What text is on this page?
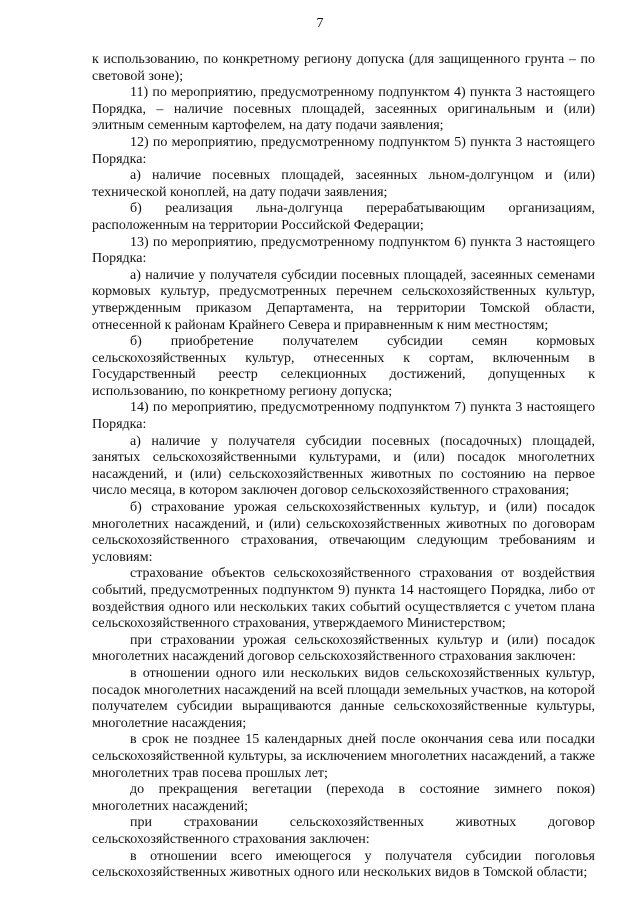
7

к использованию, по конкретному региону допуска (для защищенного грунта – по световой зоне);

11) по мероприятию, предусмотренному подпунктом 4) пункта 3 настоящего Порядка, – наличие посевных площадей, засеянных оригинальным и (или) элитным семенным картофелем, на дату подачи заявления;

12) по мероприятию, предусмотренному подпунктом 5) пункта 3 настоящего Порядка:

а) наличие посевных площадей, засеянных льном-долгунцом и (или) технической коноплей, на дату подачи заявления;

б) реализация льна-долгунца перерабатывающим организациям, расположенным на территории Российской Федерации;

13) по мероприятию, предусмотренному подпунктом 6) пункта 3 настоящего Порядка:

а) наличие у получателя субсидии посевных площадей, засеянных семенами кормовых культур, предусмотренных перечнем сельскохозяйственных культур, утвержденным приказом Департамента, на территории Томской области, отнесенной к районам Крайнего Севера и приравненным к ним местностям;

б) приобретение получателем субсидии семян кормовых сельскохозяйственных культур, отнесенных к сортам, включенным в Государственный реестр селекционных достижений, допущенных к использованию, по конкретному региону допуска;

14) по мероприятию, предусмотренному подпунктом 7) пункта 3 настоящего Порядка:

а) наличие у получателя субсидии посевных (посадочных) площадей, занятых сельскохозяйственными культурами, и (или) посадок многолетних насаждений, и (или) сельскохозяйственных животных по состоянию на первое число месяца, в котором заключен договор сельскохозяйственного страхования;

б) страхование урожая сельскохозяйственных культур, и (или) посадок многолетних насаждений, и (или) сельскохозяйственных животных по договорам сельскохозяйственного страхования, отвечающим следующим требованиям и условиям:

страхование объектов сельскохозяйственного страхования от воздействия событий, предусмотренных подпунктом 9) пункта 14 настоящего Порядка, либо от воздействия одного или нескольких таких событий осуществляется с учетом плана сельскохозяйственного страхования, утверждаемого Министерством;

при страховании урожая сельскохозяйственных культур и (или) посадок многолетних насаждений договор сельскохозяйственного страхования заключен:

в отношении одного или нескольких видов сельскохозяйственных культур, посадок многолетних насаждений на всей площади земельных участков, на которой получателем субсидии выращиваются данные сельскохозяйственные культуры, многолетние насаждения;

в срок не позднее 15 календарных дней после окончания сева или посадки сельскохозяйственной культуры, за исключением многолетних насаждений, а также многолетних трав посева прошлых лет;

до прекращения вегетации (перехода в состояние зимнего покоя) многолетних насаждений;

при страховании сельскохозяйственных животных договор сельскохозяйственного страхования заключен:

в отношении всего имеющегося у получателя субсидии поголовья сельскохозяйственных животных одного или нескольких видов в Томской области;
